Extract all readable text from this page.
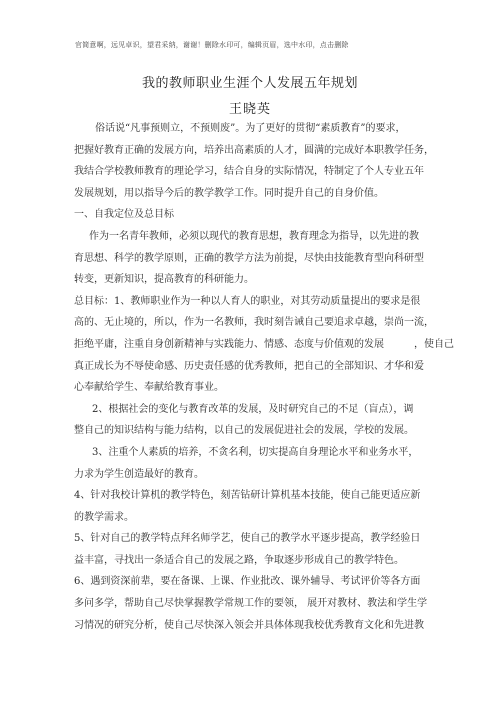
官简意啊，远见卓识，望君采纳，谢谢！删除水印可，编辑页眉，选中水印，点击删除
我的教师职业生涯个人发展五年规划
王晓英
俗话说“凡事预则立，不预则废”。为了更好的贯彻“素质教育”的要求，
把握好教育正确的发展方向，培养出高素质的人才，圆满的完成好本职教学任务，
我结合学校教师教育的理论学习，结合自身的实际情况，特制定了个人专业五年
发展规划，用以指导今后的教学教学工作。同时提升自己的自身价值。
一、自我定位及总目标
作为一名青年教师，必须以现代的教育思想，教育理念为指导，以先进的教
育思想、科学的教学原则，正确的教学方法为前提，尽快由技能教育型向科研型
转变，更新知识，提高教育的科研能力。
总目标：1、教师职业作为一种以人育人的职业，对其劳动质量提出的要求是很
高的、无止境的，所以，作为一名教师，我时刻告诫自己要追求卓越，崇尚一流，
拒绝平庸，注重自身创新精神与实践能力、情感、态度与价值观的发展	，使自己
真正成长为不辱使命感、历史责任感的优秀教师，把自己的全部知识、才华和爱
心奉献给学生、奉献给教育事业。
2、根据社会的变化与教育改革的发展，及时研究自己的不足（盲点），调
整自己的知识结构与能力结构，以自己的发展促进社会的发展，学校的发展。
3、注重个人素质的培养，不贪名利，切实提高自身理论水平和业务水平，
力求为学生创造最好的教育。
4、针对我校计算机的教学特色，刻苦钻研计算机基本技能，使自己能更适应新
的教学需求。
5、针对自己的教学特点拜名师学艺，使自己的教学水平逐步提高，教学经验日
益丰富，寻找出一条适合自己的发展之路，争取逐步形成自己的教学特色。
6、遇到资深前辈，要在备课、上课、作业批改、课外辅导、考试评价等各方面
多问多学，帮助自己尽快掌握教学常规工作的要领， 展开对教材、教法和学生学
习情况的研究分析，使自己尽快深入领会并具体体现我校优秀教育文化和先进教
